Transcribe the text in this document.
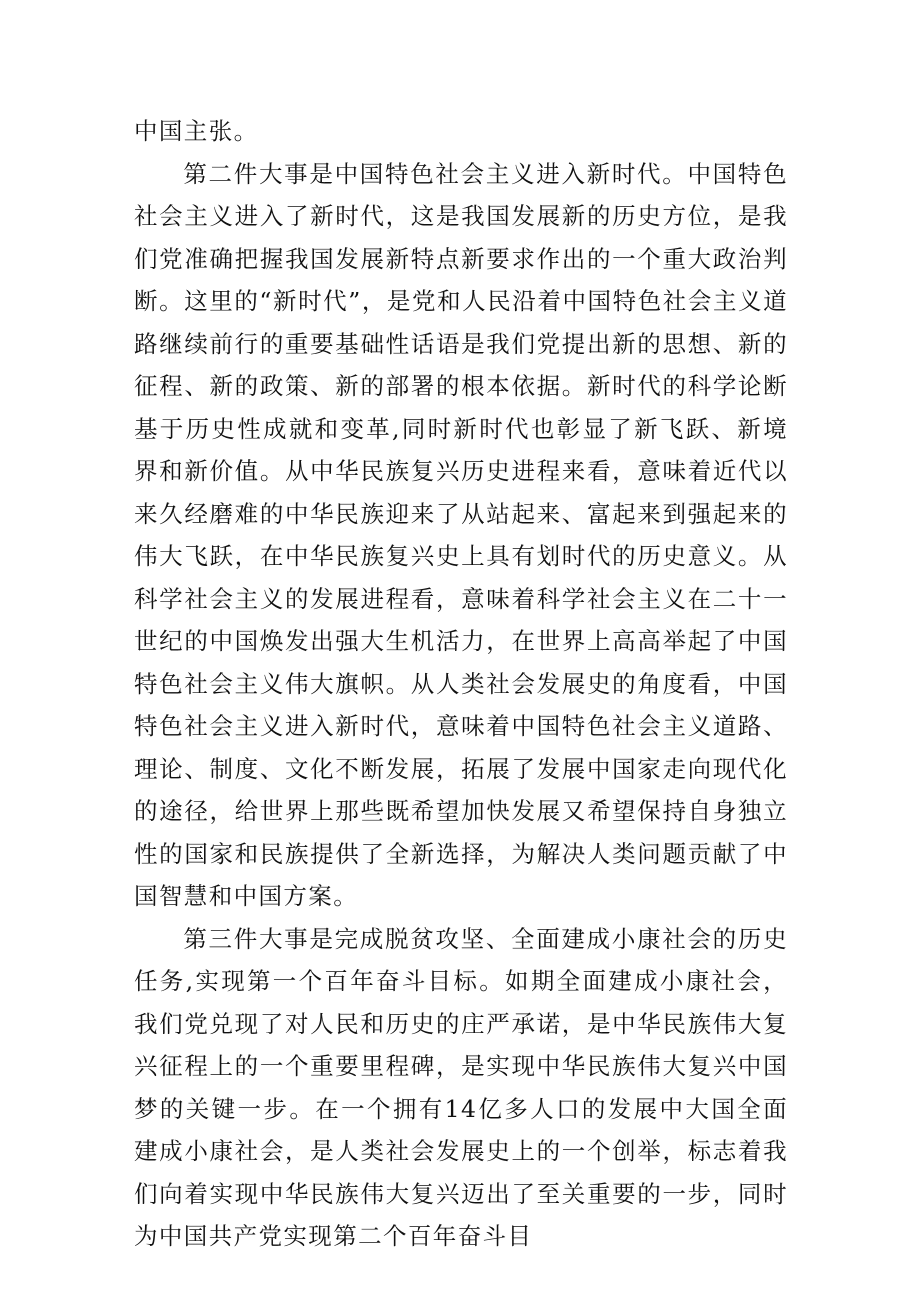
中国主张。

第二件大事是中国特色社会主义进入新时代。中国特色社会主义进入了新时代，这是我国发展新的历史方位，是我们党准确把握我国发展新特点新要求作出的一个重大政治判断。这里的“新时代”，是党和人民沿着中国特色社会主义道路继续前行的重要基础性话语是我们党提出新的思想、新的征程、新的政策、新的部署的根本依据。新时代的科学论断基于历史性成就和变革,同时新时代也彰显了新飞跃、新境界和新价值。从中华民族复兴历史进程来看，意味着近代以来久经磨难的中华民族迎来了从站起来、富起来到强起来的伟大飞跃，在中华民族复兴史上具有划时代的历史意义。从科学社会主义的发展进程看，意味着科学社会主义在二十一世纪的中国焕发出强大生机活力，在世界上高高举起了中国特色社会主义伟大旗帜。从人类社会发展史的角度看，中国特色社会主义进入新时代，意味着中国特色社会主义道路、理论、制度、文化不断发展，拓展了发展中国家走向现代化的途径，给世界上那些既希望加快发展又希望保持自身独立性的国家和民族提供了全新选择，为解决人类问题贡献了中国智慧和中国方案。

第三件大事是完成脱贫攻坚、全面建成小康社会的历史任务,实现第一个百年奋斗目标。如期全面建成小康社会，我们党兑现了对人民和历史的庄严承诺，是中华民族伟大复兴征程上的一个重要里程碑，是实现中华民族伟大复兴中国梦的关键一步。在一个拥有14亿多人口的发展中大国全面建成小康社会，是人类社会发展史上的一个创举，标志着我们向着实现中华民族伟大复兴迈出了至关重要的一步，同时为中国共产党实现第二个百年奋斗目
